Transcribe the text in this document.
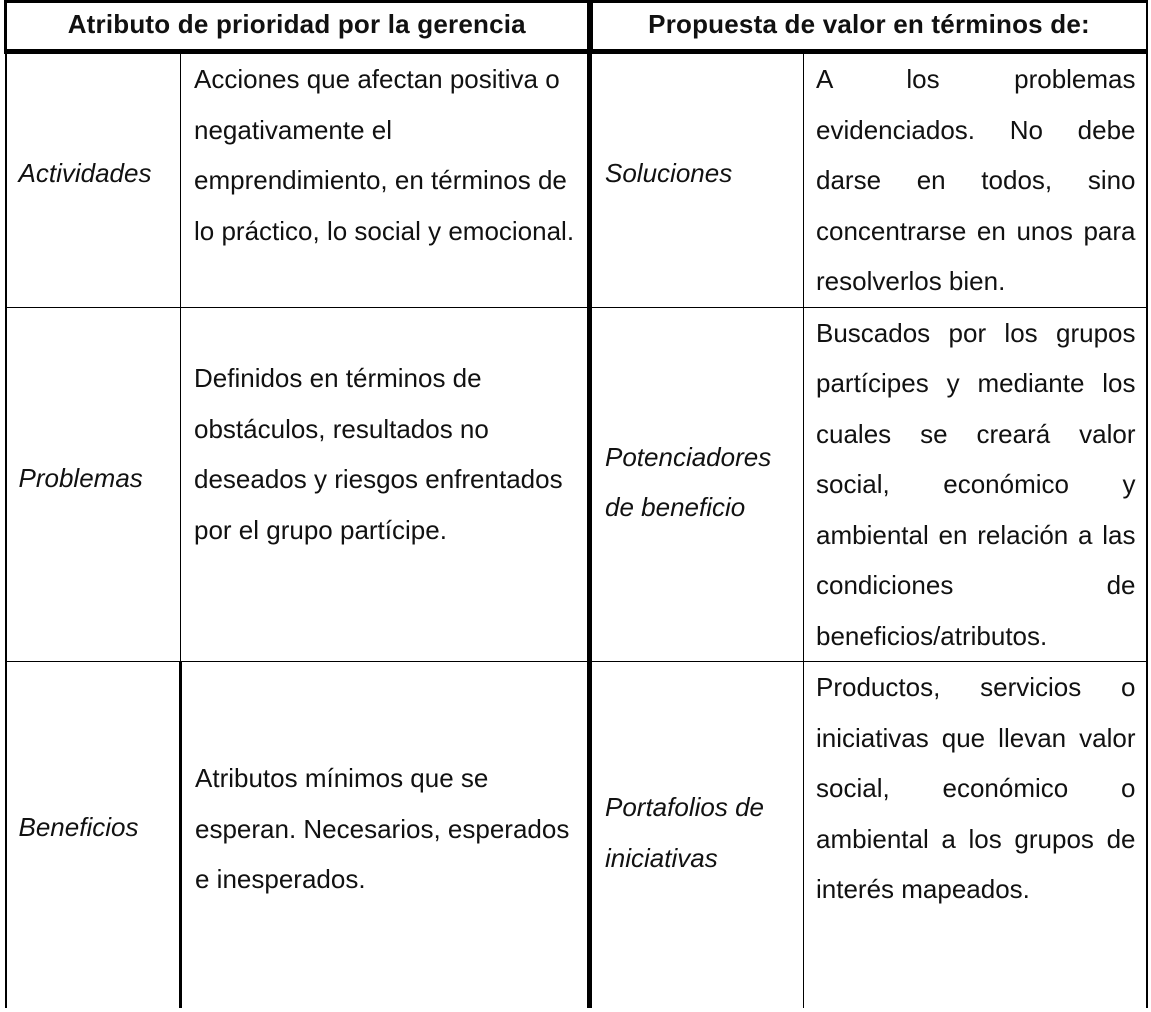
Atributo de prioridad por la gerencia		Propuesta de valor en términos de:	
Actividades	Acciones que afectan positiva o negativamente el emprendimiento, en términos de lo práctico, lo social y emocional.	Soluciones	A los problemas evidenciados. No debe darse en todos, sino concentrarse en unos para resolverlos bien.
Problemas	Definidos en términos de obstáculos, resultados no deseados y riesgos enfrentados por el grupo partícipe.	Potenciadores de beneficio	Buscados por los grupos partícipes y mediante los cuales se creará valor social, económico y ambiental en relación a las condiciones de beneficios/atributos.
Beneficios	Atributos mínimos que se esperan. Necesarios, esperados e inesperados.	Portafolios de iniciativas	Productos, servicios o iniciativas que llevan valor social, económico o ambiental a los grupos de interés mapeados.
